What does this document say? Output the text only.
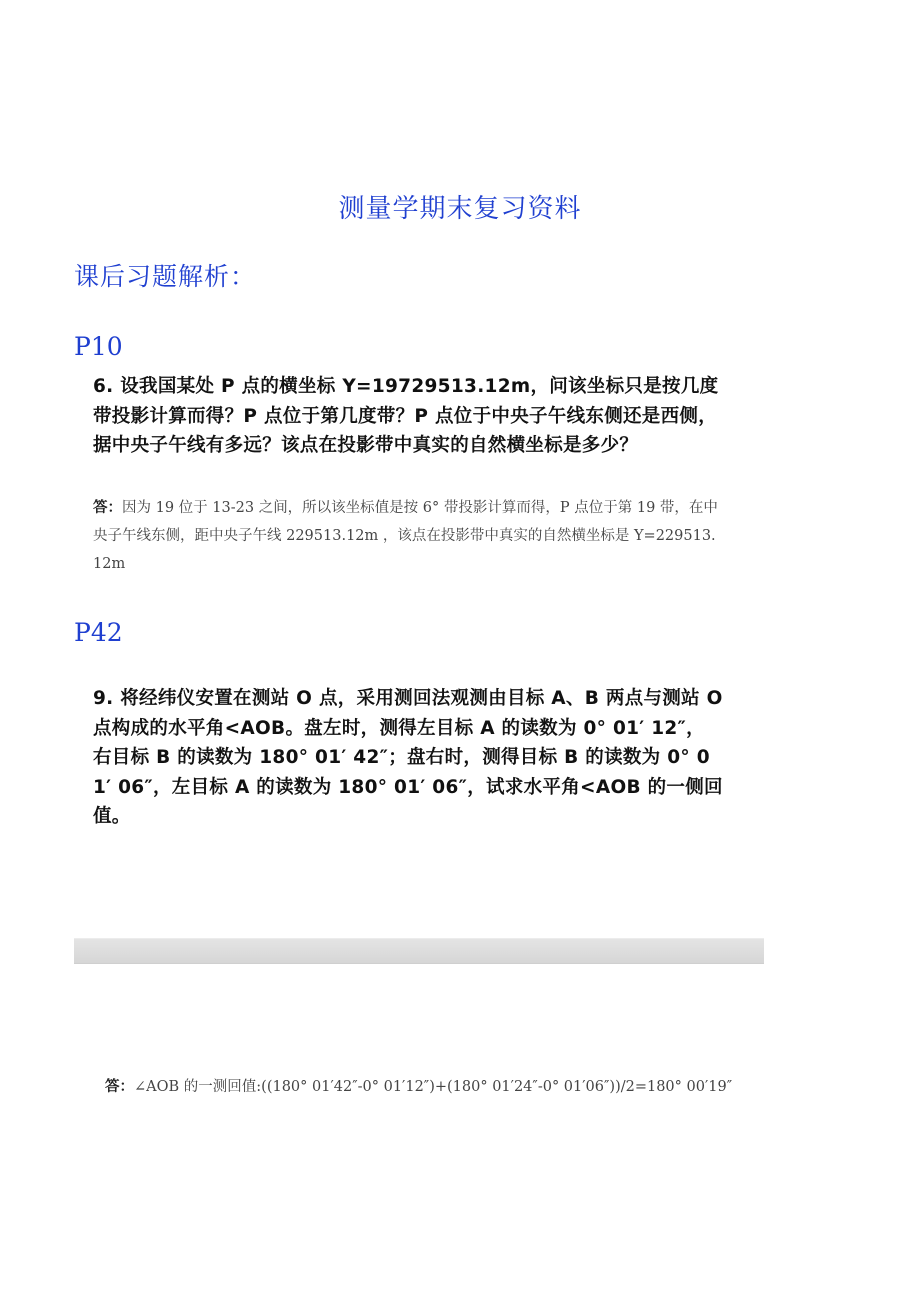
测量学期末复习资料
课后习题解析：
P10
6. 设我国某处 P 点的横坐标 Y=19729513.12m，问该坐标只是按几度带投影计算而得？P 点位于第几度带？P 点位于中央子午线东侧还是西侧，据中央子午线有多远？该点在投影带中真实的自然横坐标是多少？
答：因为 19 位于 13-23 之间，所以该坐标值是按 6° 带投影计算而得，P 点位于第 19 带，在中央子午线东侧，距中央子午线 229513.12m ，该点在投影带中真实的自然横坐标是 Y=229513.12m
P42
9. 将经纬仪安置在测站 O 点，采用测回法观测由目标 A、B 两点与测站 O 点构成的水平角<AOB。盘左时，测得左目标 A 的读数为 0° 01′ 12″，右目标 B 的读数为 180° 01′ 42″；盘右时，测得目标 B 的读数为 0° 01′ 06″，左目标 A 的读数为 180° 01′ 06″，试求水平角<AOB 的一侧回值。
答：∠AOB 的一测回值:((180° 01′42″-0° 01′12″)+(180° 01′24″-0° 01′06″))/2=180° 00′19″
